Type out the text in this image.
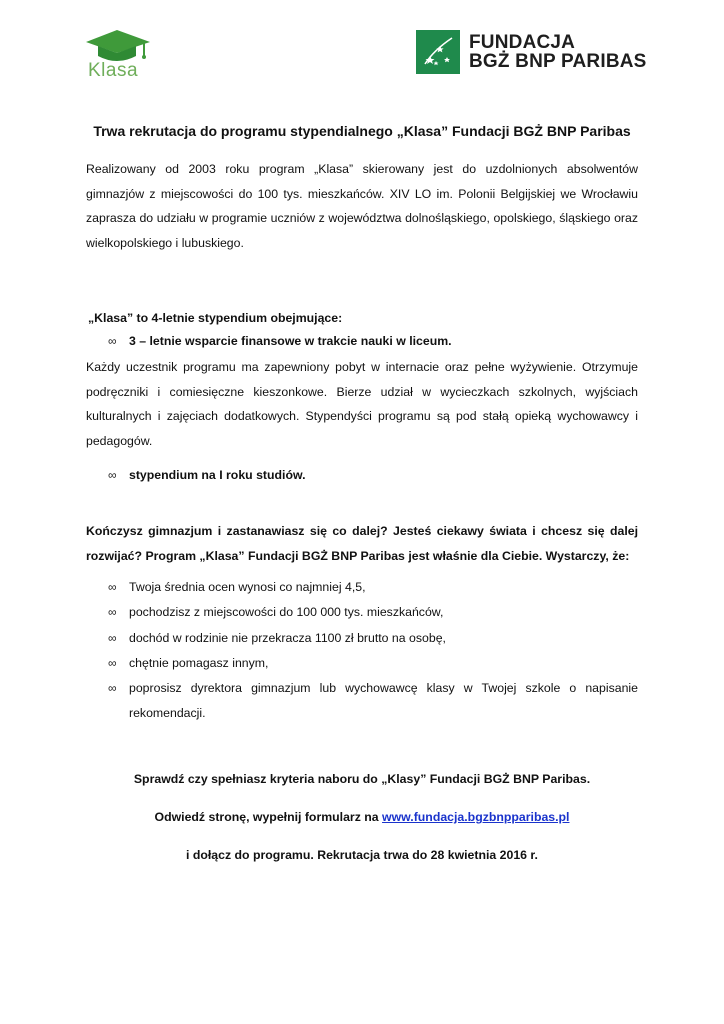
Klasa
FUNDACJA
BGŻ BNP PARIBAS
Trwa rekrutacja do programu stypendialnego „Klasa” Fundacji BGŻ BNP Paribas
Realizowany od 2003 roku program „Klasa” skierowany jest do uzdolnionych absolwentów gimnazjów z miejscowości do 100 tys. mieszkańców. XIV LO im. Polonii Belgijskiej we Wrocławiu zaprasza do udziału w programie uczniów z województwa dolnośląskiego, opolskiego, śląskiego oraz wielkopolskiego i lubuskiego.
„Klasa” to 4-letnie stypendium obejmujące:
∞ 3 – letnie wsparcie finansowe w trakcie nauki w liceum.
Każdy uczestnik programu ma zapewniony pobyt w internacie oraz pełne wyżywienie. Otrzymuje podręczniki i comiesięczne kieszonkowe. Bierze udział w wycieczkach szkolnych, wyjściach kulturalnych i zajęciach dodatkowych. Stypendyści programu są pod stałą opieką wychowawcy i pedagogów.
∞ stypendium na I roku studiów.
Kończysz gimnazjum i zastanawiasz się co dalej? Jesteś ciekawy świata i chcesz się dalej rozwijać? Program „Klasa” Fundacji BGŻ BNP Paribas jest właśnie dla Ciebie. Wystarczy, że:
∞ Twoja średnia ocen wynosi co najmniej 4,5,
∞ pochodzisz z miejscowości do 100 000 tys. mieszkańców,
∞ dochód w rodzinie nie przekracza 1100 zł brutto na osobę,
∞ chętnie pomagasz innym,
∞ poprosisz dyrektora gimnazjum lub wychowawcę klasy w Twojej szkole o napisanie rekomendacji.
Sprawdź czy spełniasz kryteria naboru do „Klasy” Fundacji BGŻ BNP Paribas.
Odwiedź stronę, wypełnij formularz na www.fundacja.bgzbnpparibas.pl
i dołącz do programu. Rekrutacja trwa do 28 kwietnia 2016 r.
